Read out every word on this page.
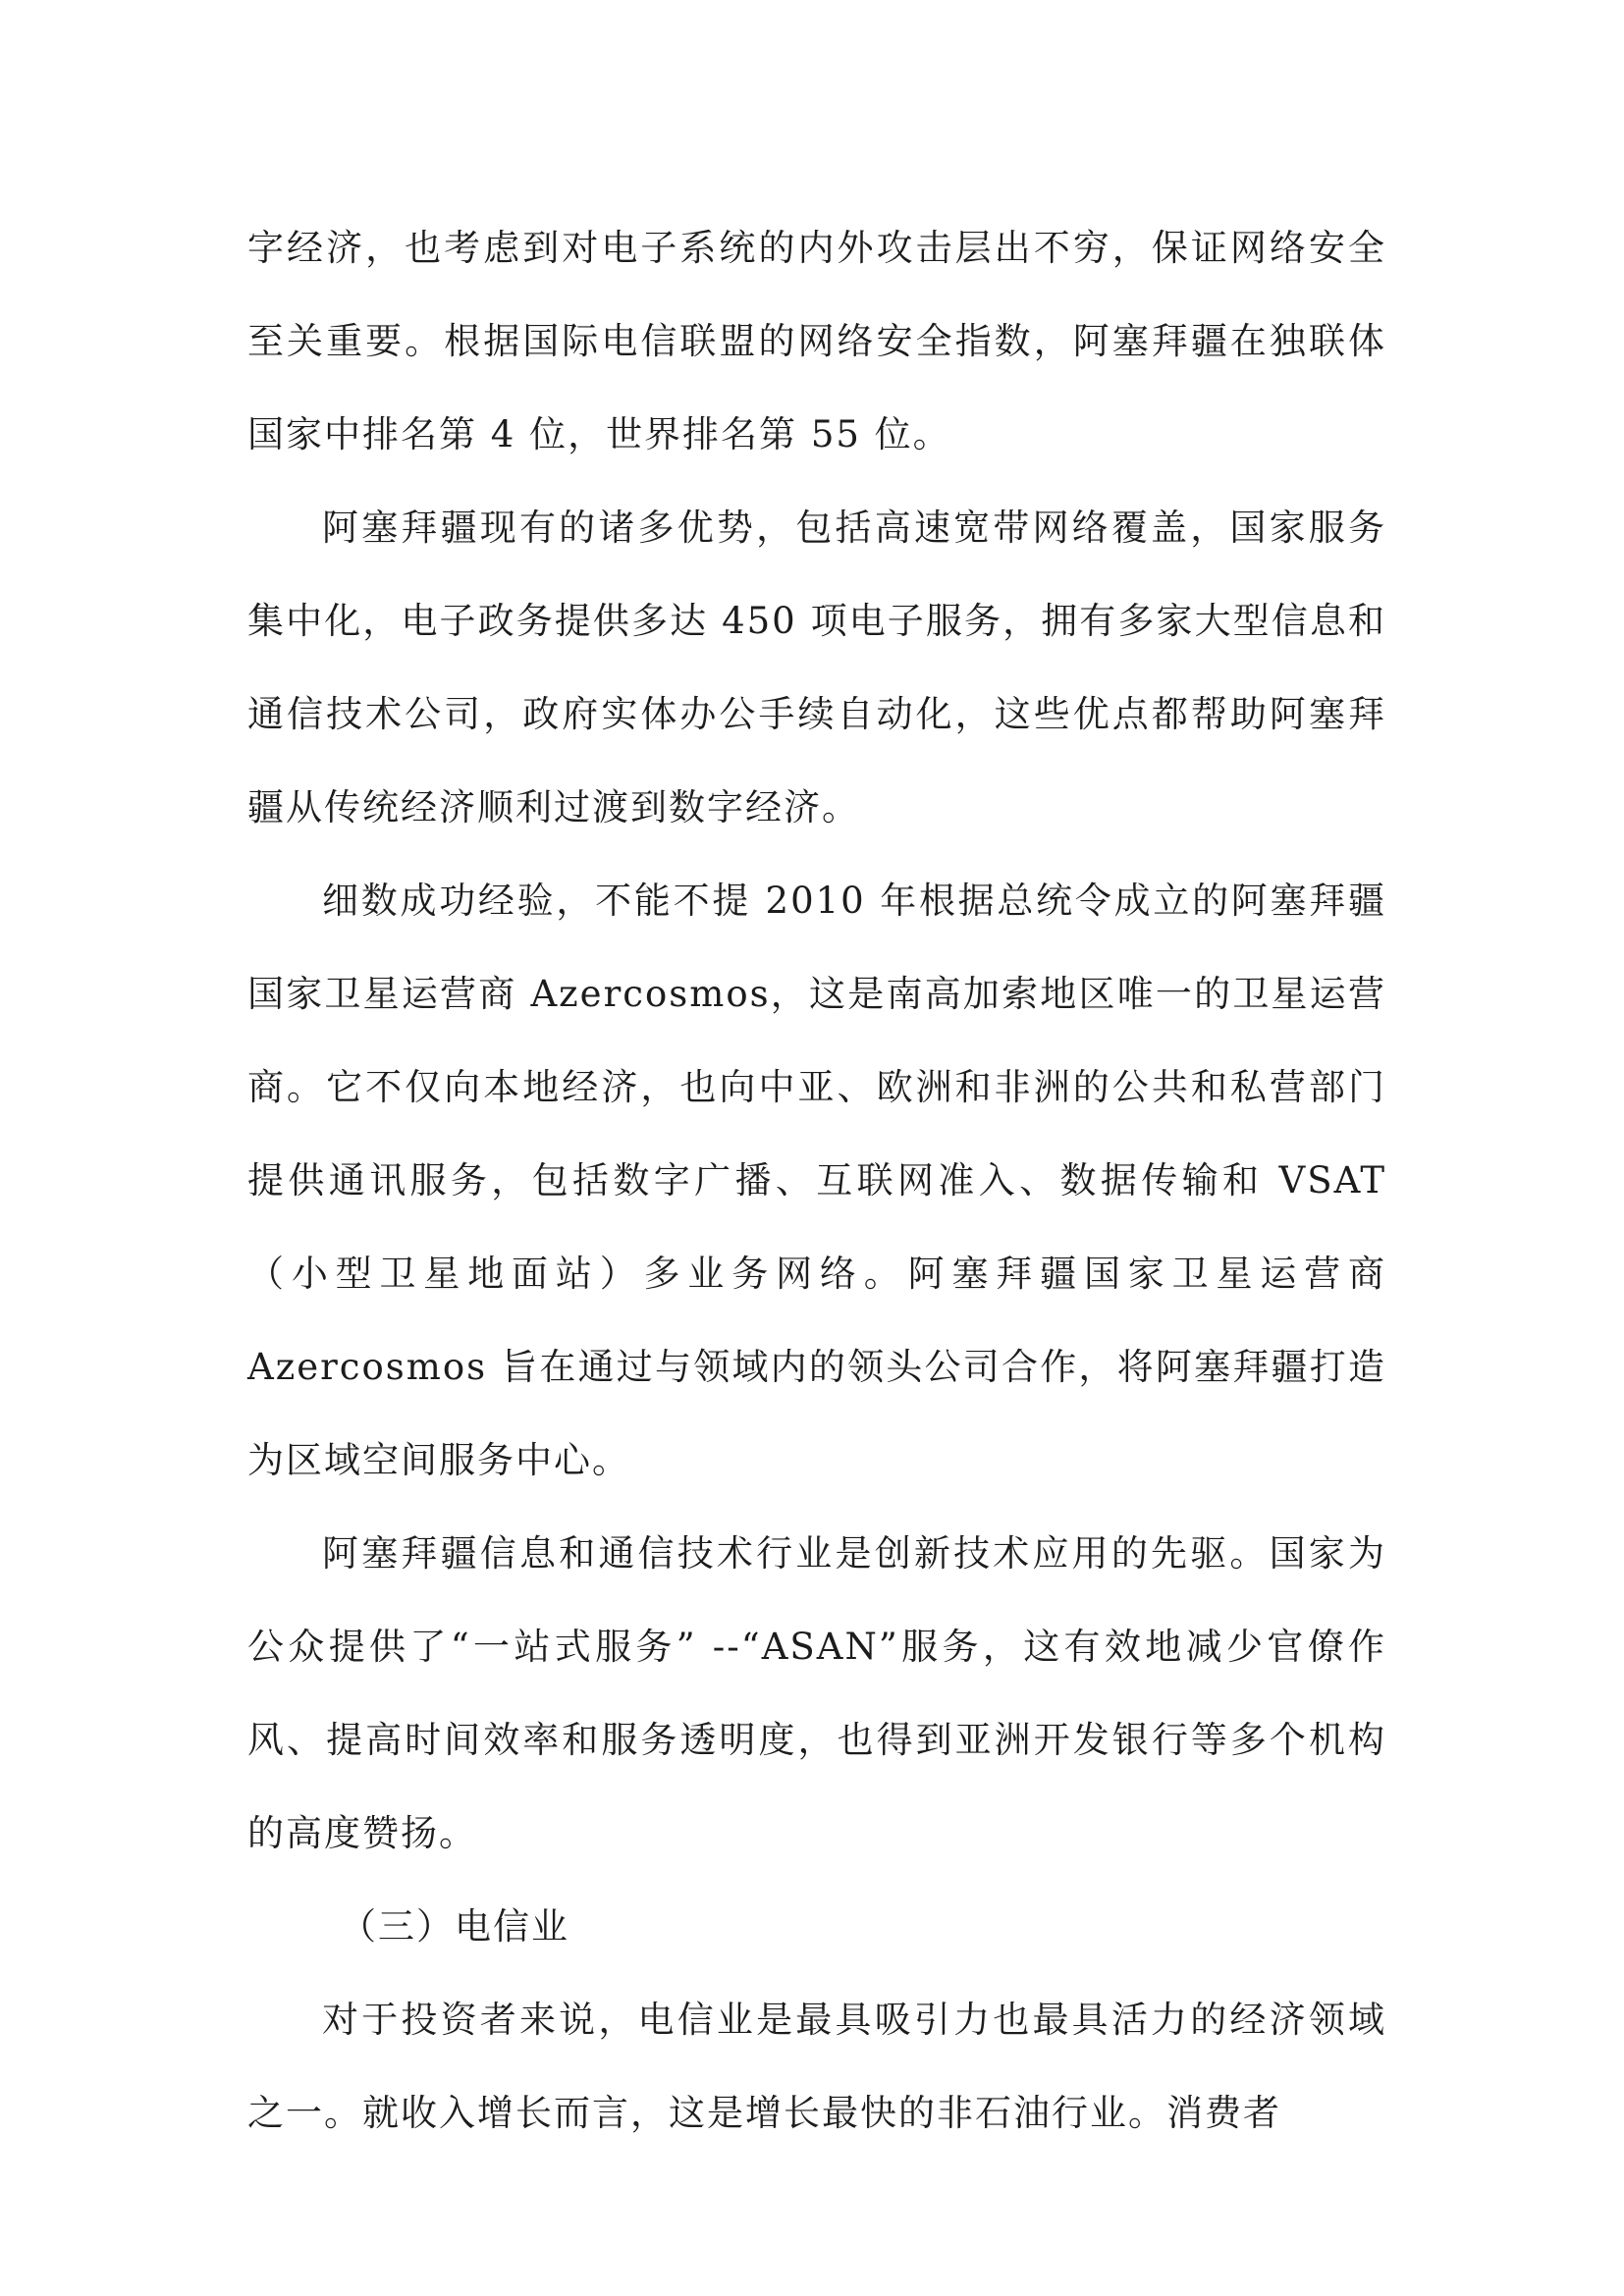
字经济，也考虑到对电子系统的内外攻击层出不穷，保证网络安全至关重要。根据国际电信联盟的网络安全指数，阿塞拜疆在独联体国家中排名第 4 位，世界排名第 55 位。

阿塞拜疆现有的诸多优势，包括高速宽带网络覆盖，国家服务集中化，电子政务提供多达 450 项电子服务，拥有多家大型信息和通信技术公司，政府实体办公手续自动化，这些优点都帮助阿塞拜疆从传统经济顺利过渡到数字经济。

细数成功经验，不能不提 2010 年根据总统令成立的阿塞拜疆国家卫星运营商 Azercosmos，这是南高加索地区唯一的卫星运营商。它不仅向本地经济，也向中亚、欧洲和非洲的公共和私营部门提供通讯服务，包括数字广播、互联网准入、数据传输和 VSAT（小型卫星地面站）多业务网络。阿塞拜疆国家卫星运营商 Azercosmos 旨在通过与领域内的领头公司合作，将阿塞拜疆打造为区域空间服务中心。

阿塞拜疆信息和通信技术行业是创新技术应用的先驱。国家为公众提供了“一站式服务” --“ASAN”服务，这有效地减少官僚作风、提高时间效率和服务透明度，也得到亚洲开发银行等多个机构的高度赞扬。

（三）电信业

对于投资者来说，电信业是最具吸引力也最具活力的经济领域之一。就收入增长而言，这是增长最快的非石油行业。消费者
